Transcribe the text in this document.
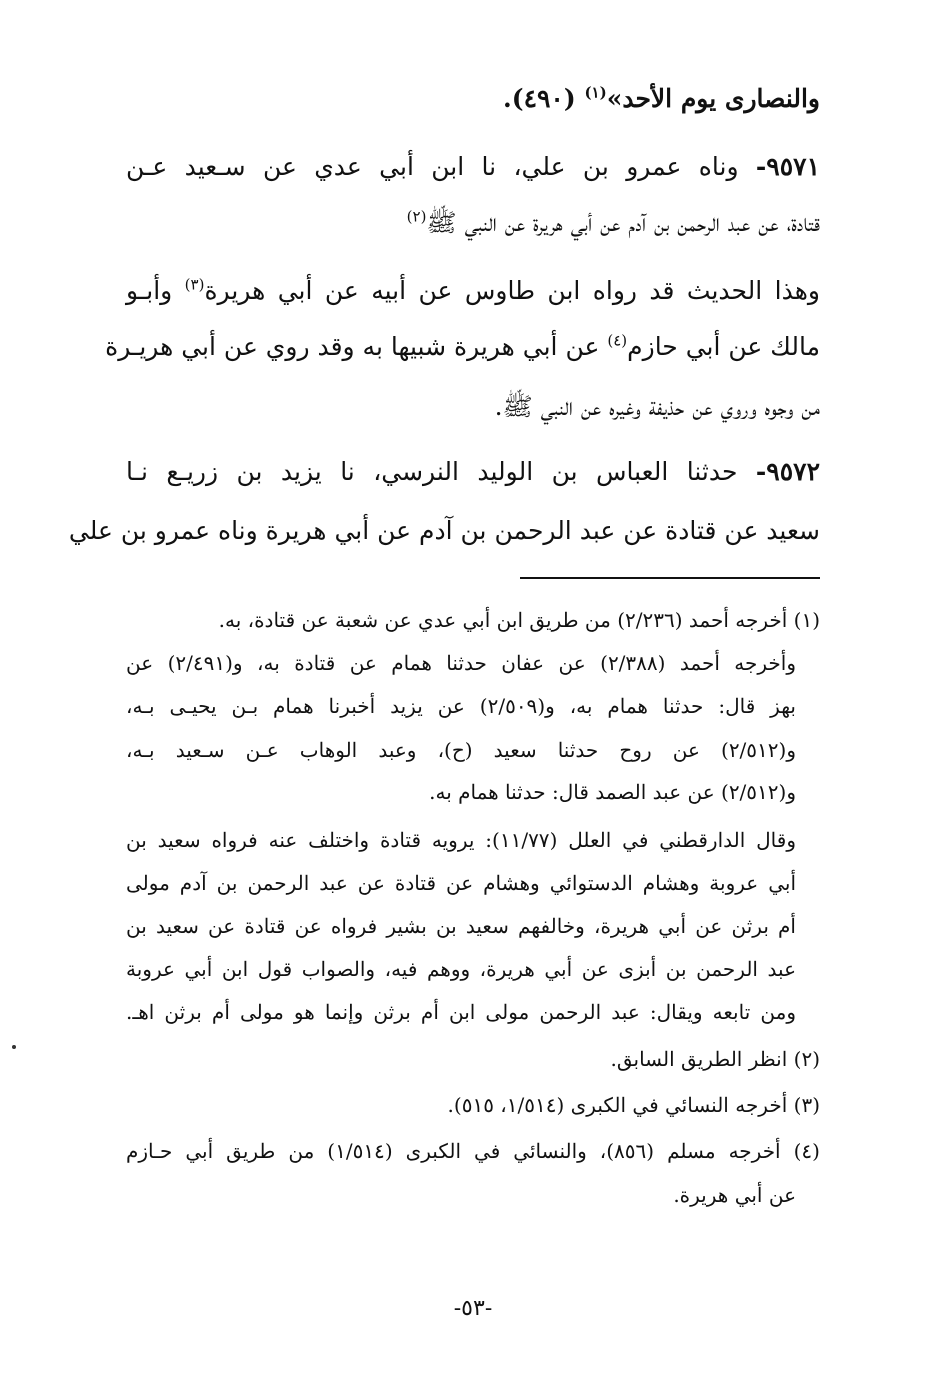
والنصارى يوم الأحد»$^{(١)}$ (٤٩٠).
٩٥٧١- وناه عمرو بن علي، نا ابن أبي عدي عن سـعيد عـن
قتادة، عن عبد الرحمن بن آدم عن أبي هريرة عن النبي ﷺ$^{(٢)}$
وهذا الحديث قد رواه ابن طاوس عن أبيه عن أبي هريرة$^{(٣)}$ وأبـو
مالك عن أبي حازم$^{(٤)}$ عن أبي هريرة شبيها به وقد روي عن أبي هريـرة
من وجوه وروي عن حذيفة وغيره عن النبي ﷺ.
٩٥٧٢- حدثنا العباس بن الوليد النرسي، نا يزيد بن زريـع نـا
سعيد عن قتادة عن عبد الرحمن بن آدم عن أبي هريرة وناه عمرو بن علي
(١) أخرجه أحمد (٢/٢٣٦) من طريق ابن أبي عدي عن شعبة عن قتادة، به.
وأخرجه أحمد (٢/٣٨٨) عن عفان حدثنا همام عن قتادة به، و(٢/٤٩١) عن
بهز قال: حدثنا همام به، و(٢/٥٠٩) عن يزيد أخبرنا همام بـن يحيـى بـه،
و(٢/٥١٢) عن روح حدثنا سعيد (ح)، وعبد الوهاب عـن سـعيد بـه،
و(٢/٥١٢) عن عبد الصمد قال: حدثنا همام به.
وقال الدارقطني في العلل (١١/٧٧): يرويه قتادة واختلف عنه فرواه سعيد بن
أبي عروبة وهشام الدستوائي وهشام عن قتادة عن عبد الرحمن بن آدم مولى
أم برثن عن أبي هريرة، وخالفهم سعيد بن بشير فرواه عن قتادة عن سعيد بن
عبد الرحمن بن أبزى عن أبي هريرة، ووهم فيه، والصواب قول ابن أبي عروبة
ومن تابعه ويقال: عبد الرحمن مولى ابن أم برثن وإنما هو مولى أم برثن اهـ.
(٢) انظر الطريق السابق.
(٣) أخرجه النسائي في الكبرى (١/٥١٤، ٥١٥).
(٤) أخرجه مسلم (٨٥٦)، والنسائي في الكبرى (١/٥١٤) من طريق أبي حـازم
عن أبي هريرة.
-٥٣-
